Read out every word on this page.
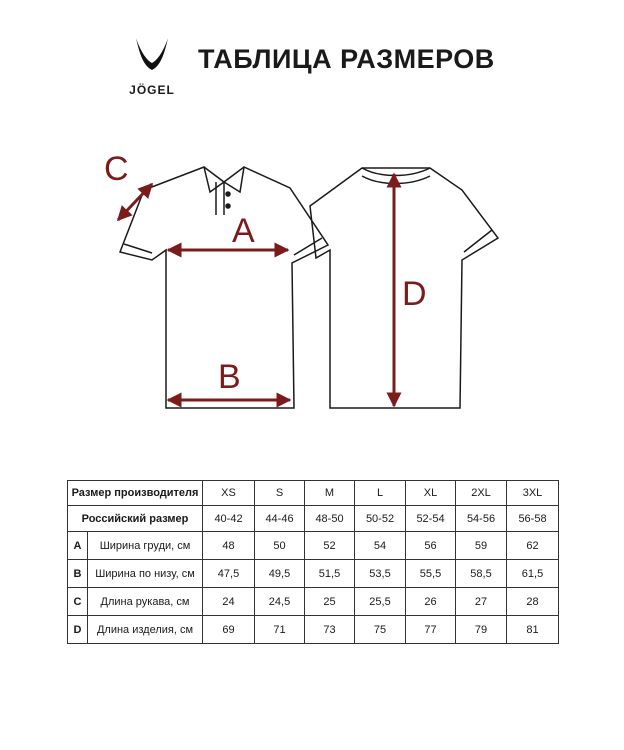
JÖGEL
ТАБЛИЦА РАЗМЕРОВ
C
A
B
D
Размер производителя		XS	S	M	L	XL	2XL	3XL
Российский размер		40-42	44-46	48-50	50-52	52-54	54-56	56-58
A	Ширина груди, см	48	50	52	54	56	59	62
B	Ширина по низу, см	47,5	49,5	51,5	53,5	55,5	58,5	61,5
C	Длина рукава, см	24	24,5	25	25,5	26	27	28
D	Длина изделия, см	69	71	73	75	77	79	81
